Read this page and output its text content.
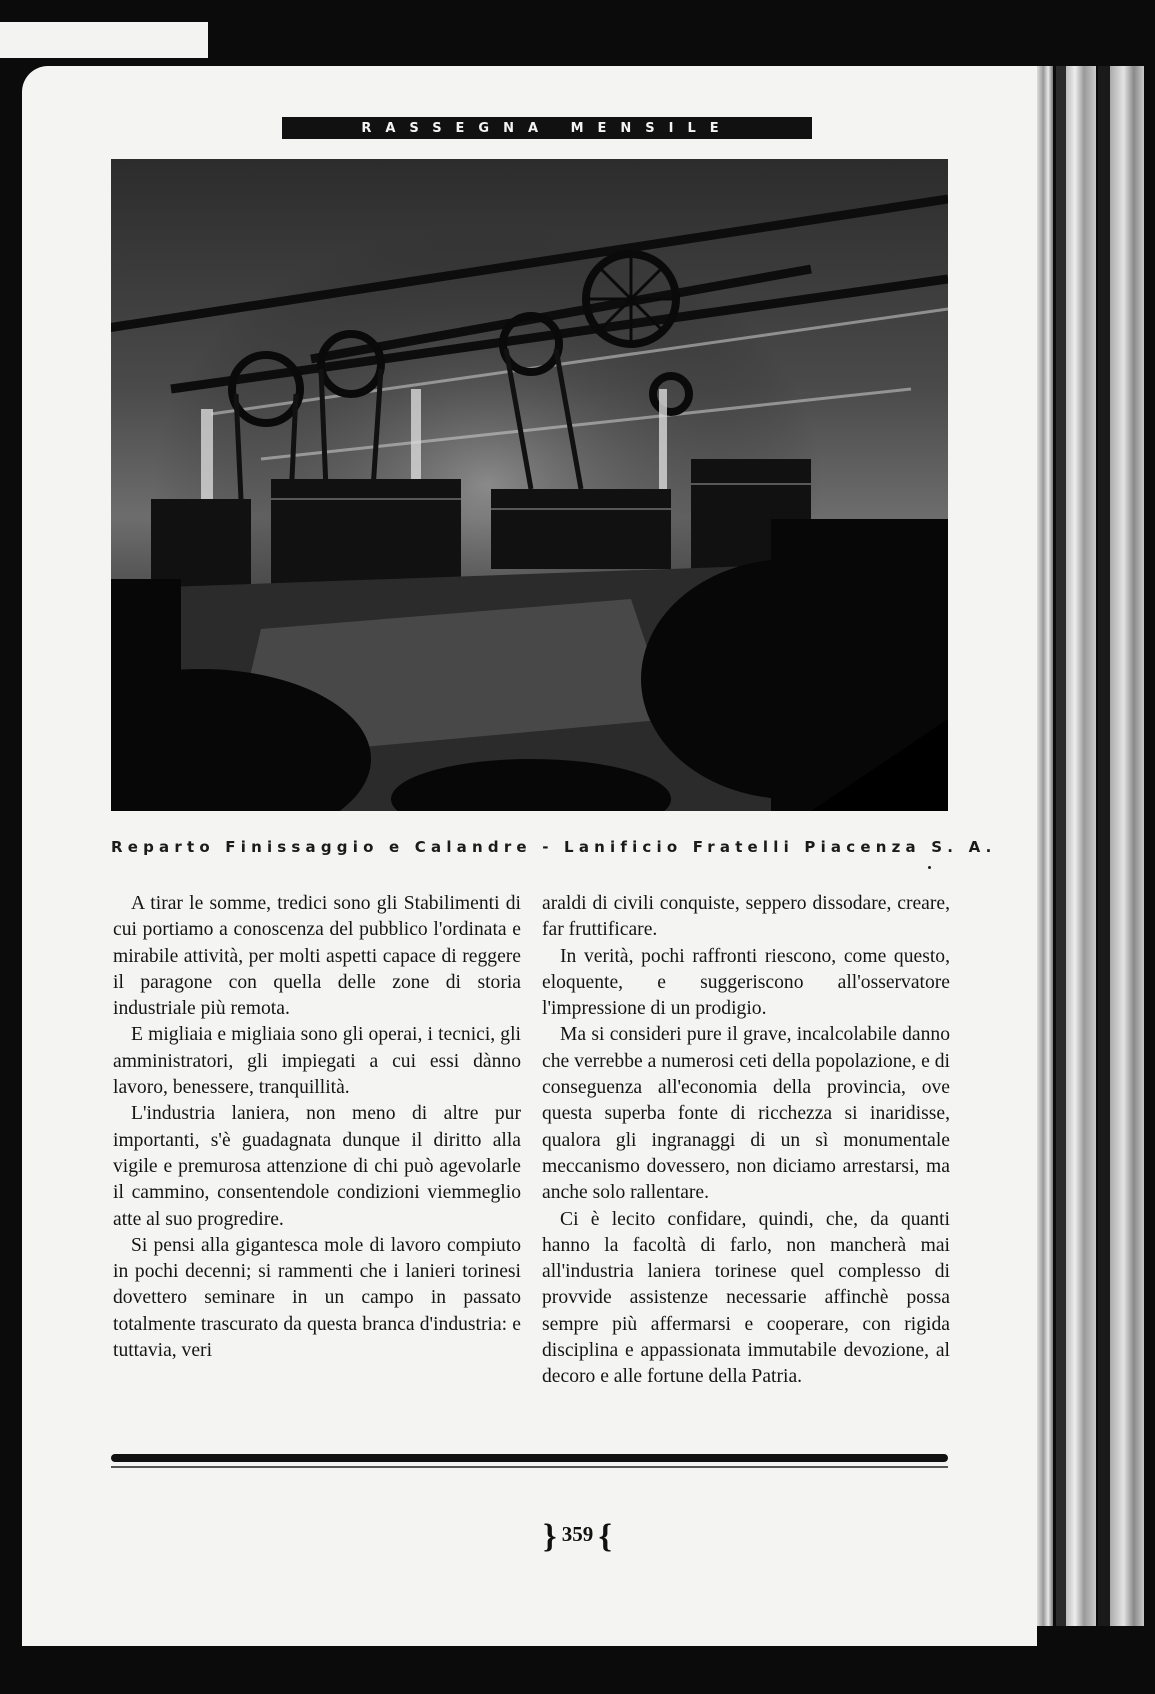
RASSEGNA MENSILE
Reparto Finissaggio e Calandre - Lanificio Fratelli Piacenza S. A.

A tirar le somme, tredici sono gli Stabilimenti di cui portiamo a conoscenza del pubblico l'ordinata e mirabile attività, per molti aspetti capace di reggere il paragone con quella delle zone di storia industriale più remota.

E migliaia e migliaia sono gli operai, i tecnici, gli amministratori, gli impiegati a cui essi dànno lavoro, benessere, tranquillità.

L'industria laniera, non meno di altre pur importanti, s'è guadagnata dunque il diritto alla vigile e premurosa attenzione di chi può agevolarle il cammino, consentendole condizioni viemmeglio atte al suo progredire.

Si pensi alla gigantesca mole di lavoro compiuto in pochi decenni; si rammenti che i lanieri torinesi dovettero seminare in un campo in passato totalmente trascurato da questa branca d'industria: e tuttavia, veri

araldi di civili conquiste, seppero dissodare, creare, far fruttificare.

In verità, pochi raffronti riescono, come questo, eloquente, e suggeriscono all'osservatore l'impressione di un prodigio.

Ma si consideri pure il grave, incalcolabile danno che verrebbe a numerosi ceti della popolazione, e di conseguenza all'economia della provincia, ove questa superba fonte di ricchezza si inaridisse, qualora gli ingranaggi di un sì monumentale meccanismo dovessero, non diciamo arrestarsi, ma anche solo rallentare.

Ci è lecito confidare, quindi, che, da quanti hanno la facoltà di farlo, non mancherà mai all'industria laniera torinese quel complesso di provvide assistenze necessarie affinchè possa sempre più affermarsi e cooperare, con rigida disciplina e appassionata immutabile devozione, al decoro e alle fortune della Patria.

} 359 {
